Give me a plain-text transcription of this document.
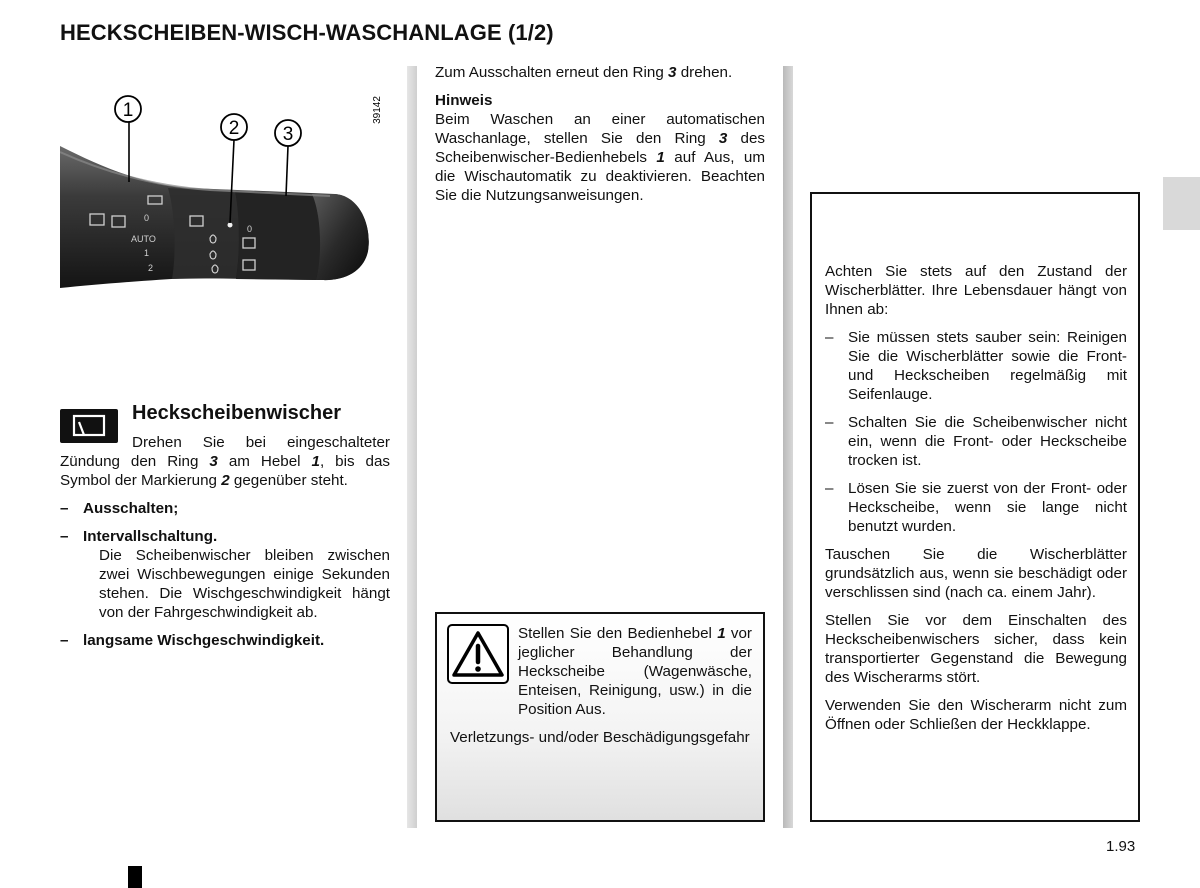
HECKSCHEIBEN-WISCH-WASCHANLAGE (1/2)
AUTO
0
1
2
0
1
2 3
39142
Heckscheibenwischer

Drehen Sie bei eingeschalteter Zündung den Ring 3 am Hebel 1, bis das Symbol der Markierung 2 gegenüber steht.

– Ausschalten;
– Intervallschaltung.

Die Scheibenwischer bleiben zwischen zwei Wischbewegungen einige Sekunden stehen. Die Wischgeschwindigkeit hängt von der Fahrgeschwindigkeit ab.

– langsame Wischgeschwindigkeit.

Zum Ausschalten erneut den Ring 3 drehen.

Hinweis

Beim Waschen an einer automatischen Waschanlage, stellen Sie den Ring 3 des Scheibenwischer-Bedienhebels 1 auf Aus, um die Wischautomatik zu deaktivieren. Beachten Sie die Nutzungsanweisungen.

Stellen Sie den Bedienhebel 1 vor jeglicher Behandlung der Heckscheibe (Wagenwäsche, Enteisen, Reinigung, usw.) in die Position Aus.

Verletzungs- und/oder Beschädigungsgefahr

Achten Sie stets auf den Zustand der Wischerblätter. Ihre Lebensdauer hängt von Ihnen ab:

– Sie müssen stets sauber sein: Reinigen Sie die Wischerblätter sowie die Front- und Heckscheiben regelmäßig mit Seifenlauge.
– Schalten Sie die Scheibenwischer nicht ein, wenn die Front- oder Heckscheibe trocken ist.
– Lösen Sie sie zuerst von der Front- oder Heckscheibe, wenn sie lange nicht benutzt wurden.

Tauschen Sie die Wischerblätter grundsätzlich aus, wenn sie beschädigt oder verschlissen sind (nach ca. einem Jahr).

Stellen Sie vor dem Einschalten des Heckscheibenwischers sicher, dass kein transportierter Gegenstand die Bewegung des Wischerarms stört.

Verwenden Sie den Wischerarm nicht zum Öffnen oder Schließen der Heckklappe.

1.93
